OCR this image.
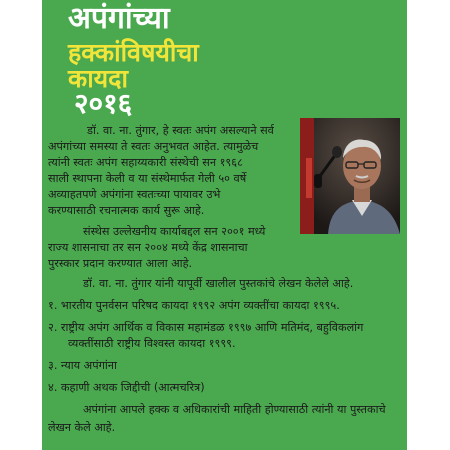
अपंगांच्या
हक्कांविषयीचा
कायदा
२०१६
डॉ. वा. ना. तुंगार, हे स्वतः अपंग असल्याने सर्व
अपंगांच्या समस्या ते स्वतः अनुभवत आहेत. त्यामुळेच
त्यांनी स्वतः अपंग सहाय्यकारी संस्थेची सन १९६८
साली स्थापना केली व या संस्थेमार्फत गेली ५० वर्षे
अव्याहतपणे अपंगांना स्वतःच्या पायावर उभे
करण्यासाठी रचनात्मक कार्य सुरू आहे.
संस्थेस उल्लेखनीय कार्याबद्दल सन २००१ मध्ये
राज्य शासनाचा तर सन २००४ मध्ये केंद्र शासनाचा
पुरस्कार प्रदान करण्यात आला आहे.
डॉ. वा. ना. तुंगार यांनी यापूर्वी खालील पुस्तकांचे लेखन केलेले आहे.
१. भारतीय पुनर्वसन परिषद कायदा १९९२ अपंग व्यक्तींचा कायदा १९९५.
२. राष्ट्रीय अपंग आर्थिक व विकास महामंडळ १९९७ आणि मतिमंद, बहुविकलांग
व्यक्तींसाठी राष्ट्रीय विश्वस्त कायदा १९९९.
३. न्याय अपंगांना
४. कहाणी अथक जिद्दीची (आत्मचरित्र)
अपंगांना आपले हक्क व अधिकारांची माहिती होण्यासाठी त्यांनी या पुस्तकाचे
लेखन केले आहे.
